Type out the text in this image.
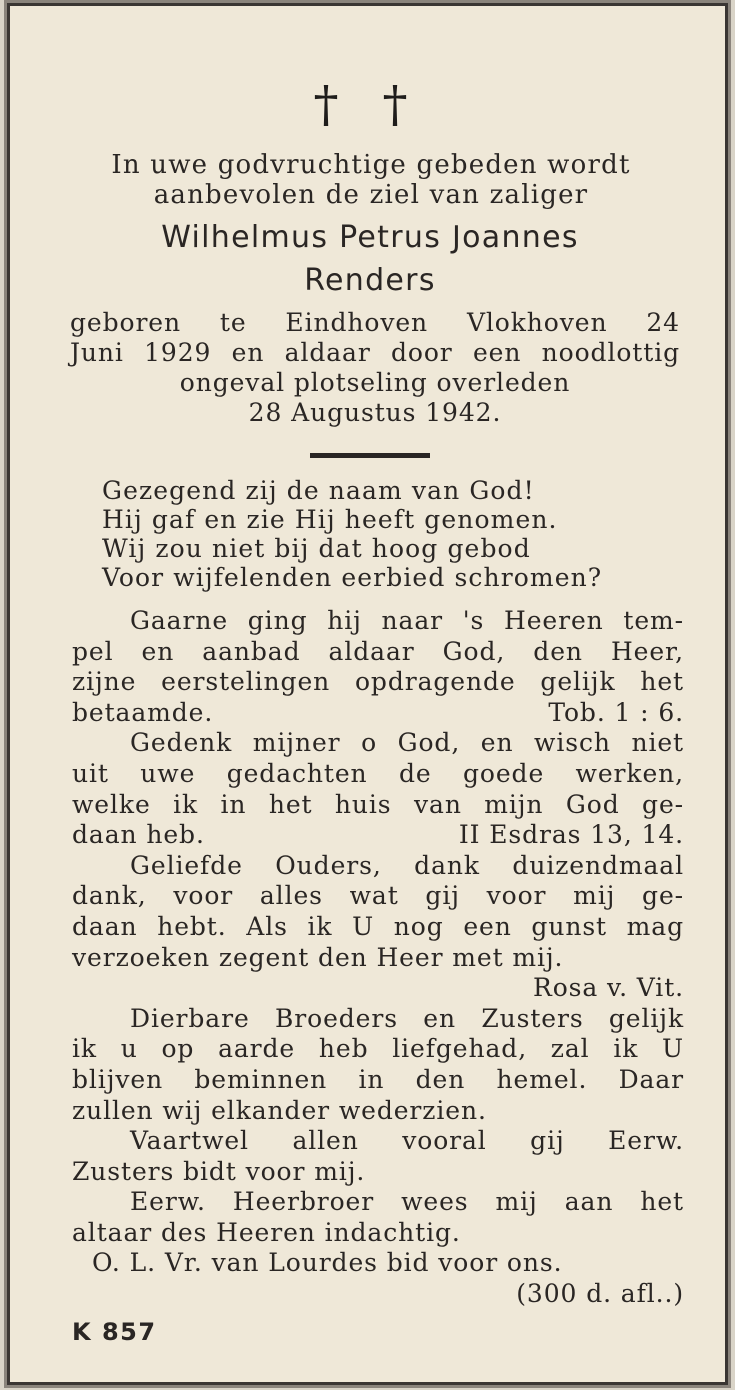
† †
In uwe godvruchtige gebeden wordt
aanbevolen de ziel van zaliger
Wilhelmus Petrus Joannes
Renders
geboren te Eindhoven Vlokhoven 24
Juni 1929 en aldaar door een noodlottig
ongeval plotseling overleden
28 Augustus 1942.
Gezegend zij de naam van God!
Hij gaf en zie Hij heeft genomen.
Wij zou niet bij dat hoog gebod
Voor wijfelenden eerbied schromen?
Gaarne ging hij naar 's Heeren tem-
pel en aanbad aldaar God, den Heer,
zijne eerstelingen opdragende gelijk het
betaamde.	Tob. 1 : 6.
Gedenk mijner o God, en wisch niet
uit uwe gedachten de goede werken,
welke ik in het huis van mijn God ge-
daan heb.	II Esdras 13, 14.
Geliefde Ouders, dank duizendmaal
dank, voor alles wat gij voor mij ge-
daan hebt. Als ik U nog een gunst mag
verzoeken zegent den Heer met mij.
Rosa v. Vit.
Dierbare Broeders en Zusters gelijk
ik u op aarde heb liefgehad, zal ik U
blijven beminnen in den hemel. Daar
zullen wij elkander wederzien.
Vaartwel allen vooral gij Eerw.
Zusters bidt voor mij.
Eerw. Heerbroer wees mij aan het
altaar des Heeren indachtig.
O. L. Vr. van Lourdes bid voor ons.
(300 d. afl..)
K 857
